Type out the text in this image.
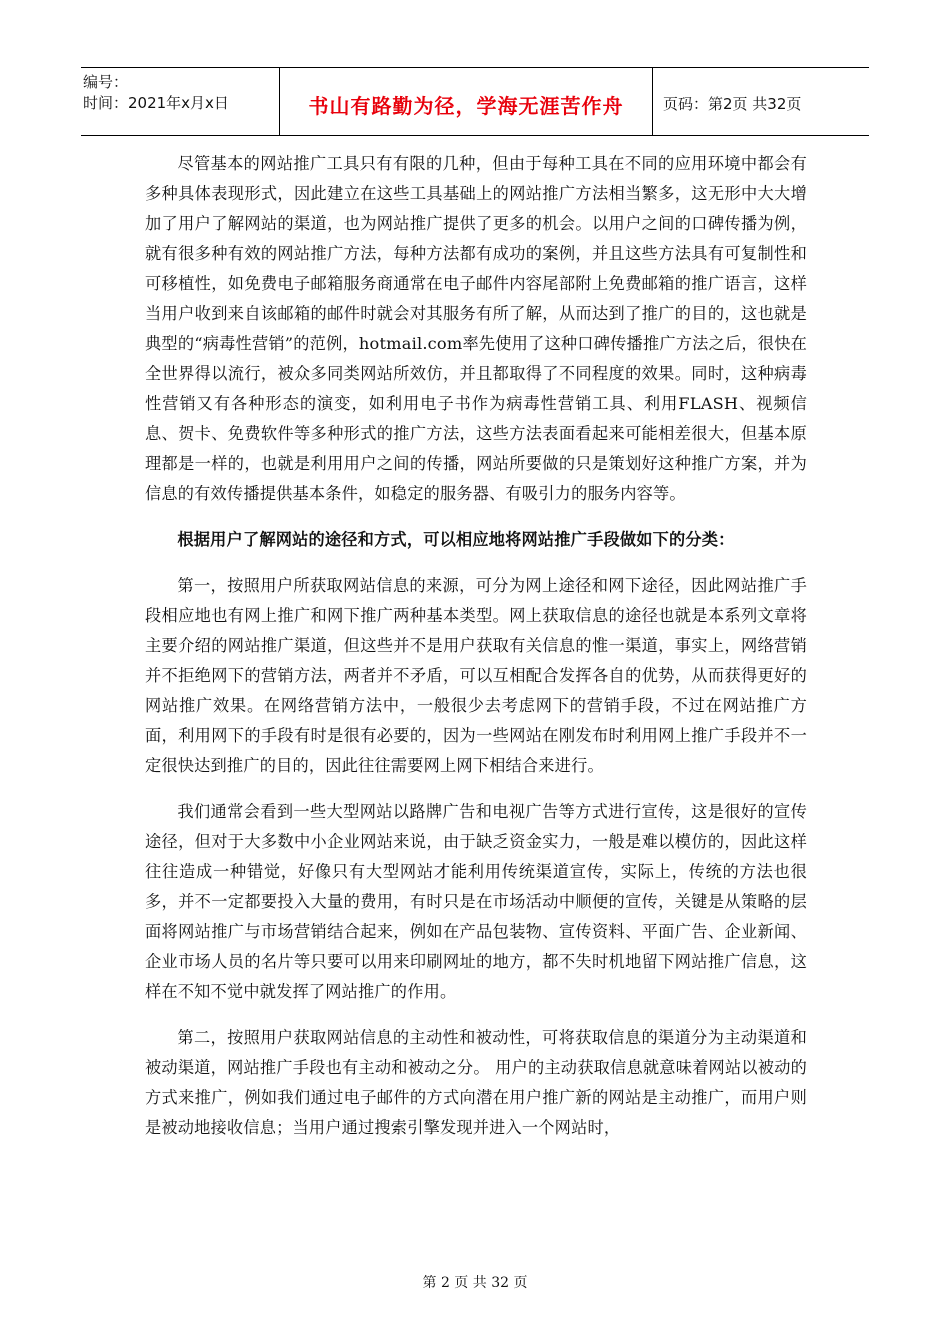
编号：
时间：2021年x月x日	书山有路勤为径，学海无涯苦作舟	页码：第2页 共32页

尽管基本的网站推广工具只有有限的几种，但由于每种工具在不同的应用环境中都会有多种具体表现形式，因此建立在这些工具基础上的网站推广方法相当繁多，这无形中大大增加了用户了解网站的渠道，也为网站推广提供了更多的机会。以用户之间的口碑传播为例，就有很多种有效的网站推广方法，每种方法都有成功的案例，并且这些方法具有可复制性和可移植性，如免费电子邮箱服务商通常在电子邮件内容尾部附上免费邮箱的推广语言，这样当用户收到来自该邮箱的邮件时就会对其服务有所了解，从而达到了推广的目的，这也就是典型的“病毒性营销”的范例，hotmail.com率先使用了这种口碑传播推广方法之后，很快在全世界得以流行，被众多同类网站所效仿，并且都取得了不同程度的效果。同时，这种病毒性营销又有各种形态的演变，如利用电子书作为病毒性营销工具、利用FLASH、视频信息、贺卡、免费软件等多种形式的推广方法，这些方法表面看起来可能相差很大，但基本原理都是一样的，也就是利用用户之间的传播，网站所要做的只是策划好这种推广方案，并为信息的有效传播提供基本条件，如稳定的服务器、有吸引力的服务内容等。

根据用户了解网站的途径和方式，可以相应地将网站推广手段做如下的分类：

第一，按照用户所获取网站信息的来源，可分为网上途径和网下途径，因此网站推广手段相应地也有网上推广和网下推广两种基本类型。网上获取信息的途径也就是本系列文章将主要介绍的网站推广渠道，但这些并不是用户获取有关信息的惟一渠道，事实上，网络营销并不拒绝网下的营销方法，两者并不矛盾，可以互相配合发挥各自的优势，从而获得更好的网站推广效果。在网络营销方法中，一般很少去考虑网下的营销手段，不过在网站推广方面，利用网下的手段有时是很有必要的，因为一些网站在刚发布时利用网上推广手段并不一定很快达到推广的目的，因此往往需要网上网下相结合来进行。

我们通常会看到一些大型网站以路牌广告和电视广告等方式进行宣传，这是很好的宣传途径，但对于大多数中小企业网站来说，由于缺乏资金实力，一般是难以模仿的，因此这样往往造成一种错觉，好像只有大型网站才能利用传统渠道宣传，实际上，传统的方法也很多，并不一定都要投入大量的费用，有时只是在市场活动中顺便的宣传，关键是从策略的层面将网站推广与市场营销结合起来，例如在产品包装物、宣传资料、平面广告、企业新闻、企业市场人员的名片等只要可以用来印刷网址的地方，都不失时机地留下网站推广信息，这样在不知不觉中就发挥了网站推广的作用。

第二，按照用户获取网站信息的主动性和被动性，可将获取信息的渠道分为主动渠道和被动渠道，网站推广手段也有主动和被动之分。 用户的主动获取信息就意味着网站以被动的方式来推广，例如我们通过电子邮件的方式向潜在用户推广新的网站是主动推广，而用户则是被动地接收信息；当用户通过搜索引擎发现并进入一个网站时，

第 2 页 共 32 页
